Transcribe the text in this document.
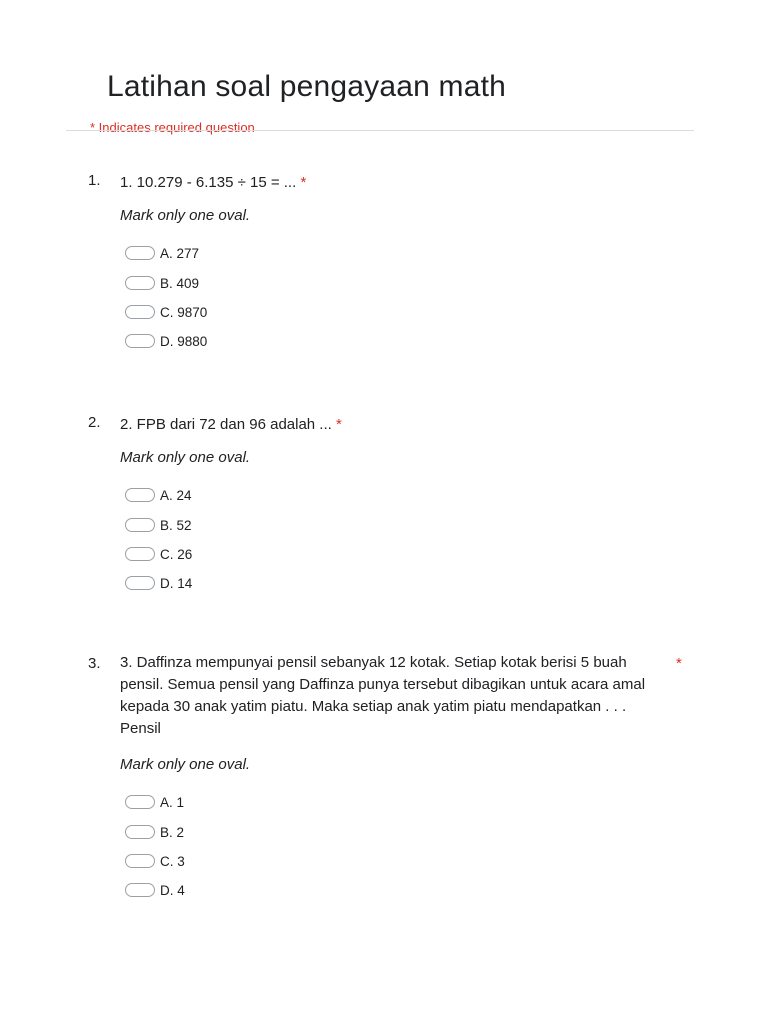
Latihan soal pengayaan math
* Indicates required question
1. 1. 10.279 - 6.135 ÷ 15 = ... *
Mark only one oval.
A. 277
B. 409
C. 9870
D. 9880
2. 2. FPB dari 72 dan 96 adalah ... *
Mark only one oval.
A. 24
B. 52
C. 26
D. 14
3. 3. Daffinza mempunyai pensil sebanyak 12 kotak. Setiap kotak berisi 5 buah pensil. Semua pensil yang Daffinza punya tersebut dibagikan untuk acara amal kepada 30 anak yatim piatu. Maka setiap anak yatim piatu mendapatkan . . . Pensil
*
Mark only one oval.
A. 1
B. 2
C. 3
D. 4
